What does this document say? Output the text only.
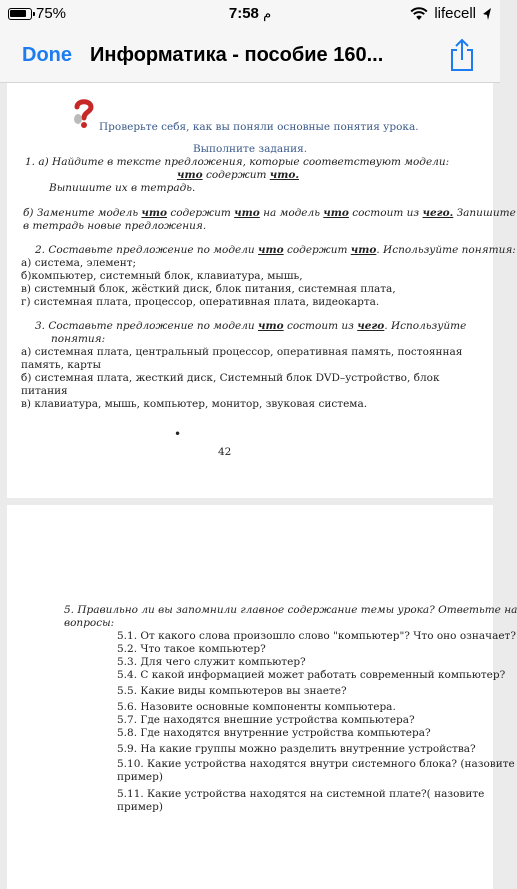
75%	م 7:58	lifecell
Done Информатика - пособие 160...
Проверьте себя, как вы поняли основные понятия урока.
Выполните задания.
1. а) Найдите в тексте предложения, которые соответствуют модели:
что содержит что.
Выпишите их в тетрадь.
б) Замените модель что содержит что на модель что состоит из чего. Запишите
в тетрадь новые предложения.
2. Составьте предложение по модели что содержит что. Используйте понятия:
а) система, элемент;
б)компьютер, системный блок, клавиатура, мышь,
в) системный блок, жёсткий диск, блок питания, системная плата,
г) системная плата, процессор, оперативная плата, видеокарта.
3. Составьте предложение по модели что состоит из чего. Используйте
понятия:
а) системная плата, центральный процессор, оперативная память, постоянная
память, карты
б) системная плата, жесткий диск, Системный блок DVD–устройство, блок
питания
в) клавиатура, мышь, компьютер, монитор, звуковая система.
•
42
5. Правильно ли вы запомнили главное содержание темы урока? Ответьте на
вопросы:
5.1. От какого слова произошло слово "компьютер"? Что оно означает?
5.2. Что такое компьютер?
5.3. Для чего служит компьютер?
5.4. С какой информацией может работать современный компьютер?
5.5. Какие виды компьютеров вы знаете?
5.6. Назовите основные компоненты компьютера.
5.7. Где находятся внешние устройства компьютера?
5.8. Где находятся внутренние устройства компьютера?
5.9. На какие группы можно разделить внутренние устройства?
5.10. Какие устройства находятся внутри системного блока? (назовите
пример)
5.11. Какие устройства находятся на системной плате?( назовите
пример)
